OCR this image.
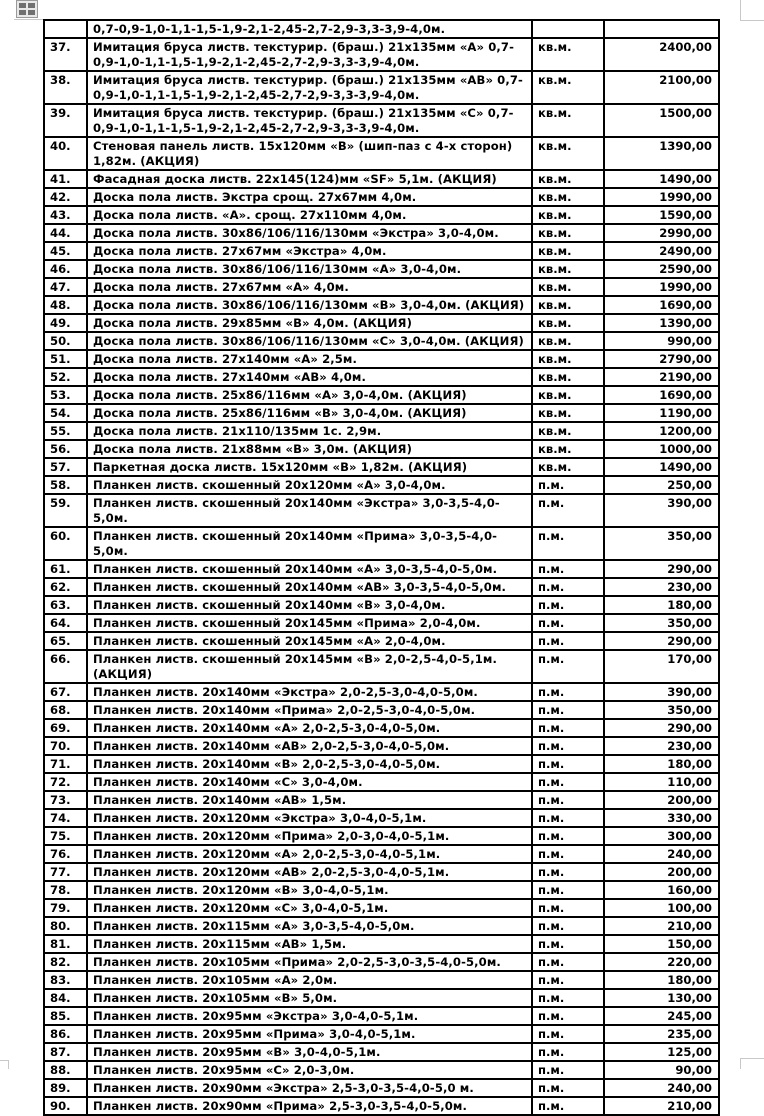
	0,7-0,9-1,0-1,1-1,5-1,9-2,1-2,45-2,7-2,9-3,3-3,9-4,0м.		
37.	Имитация бруса листв. текстурир. (браш.) 21х135мм «А» 0,7-0,9-1,0-1,1-1,5-1,9-2,1-2,45-2,7-2,9-3,3-3,9-4,0м.	кв.м.	2400,00
38.	Имитация бруса листв. текстурир. (браш.) 21х135мм «АВ» 0,7-0,9-1,0-1,1-1,5-1,9-2,1-2,45-2,7-2,9-3,3-3,9-4,0м.	кв.м.	2100,00
39.	Имитация бруса листв. текстурир. (браш.) 21х135мм «С» 0,7-0,9-1,0-1,1-1,5-1,9-2,1-2,45-2,7-2,9-3,3-3,9-4,0м.	кв.м.	1500,00
40.	Стеновая панель листв. 15х120мм «В» (шип-паз с 4-х сторон) 1,82м. (АКЦИЯ)	кв.м.	1390,00
41.	Фасадная доска листв. 22х145(124)мм «SF» 5,1м. (АКЦИЯ)	кв.м.	1490,00
42.	Доска пола листв. Экстра срощ. 27х67мм 4,0м.	кв.м.	1990,00
43.	Доска пола листв. «А». срощ. 27х110мм 4,0м.	кв.м.	1590,00
44.	Доска пола листв. 30х86/106/116/130мм «Экстра» 3,0-4,0м.	кв.м.	2990,00
45.	Доска пола листв. 27х67мм «Экстра» 4,0м.	кв.м.	2490,00
46.	Доска пола листв. 30х86/106/116/130мм «А» 3,0-4,0м.	кв.м.	2590,00
47.	Доска пола листв. 27х67мм «А» 4,0м.	кв.м.	1990,00
48.	Доска пола листв. 30х86/106/116/130мм «В» 3,0-4,0м. (АКЦИЯ)	кв.м.	1690,00
49.	Доска пола листв. 29х85мм «В» 4,0м. (АКЦИЯ)	кв.м.	1390,00
50.	Доска пола листв. 30х86/106/116/130мм «С» 3,0-4,0м. (АКЦИЯ)	кв.м.	990,00
51.	Доска пола листв. 27х140мм «А» 2,5м.	кв.м.	2790,00
52.	Доска пола листв. 27х140мм «АВ» 4,0м.	кв.м.	2190,00
53.	Доска пола листв. 25х86/116мм «А» 3,0-4,0м. (АКЦИЯ)	кв.м.	1690,00
54.	Доска пола листв. 25х86/116мм «В» 3,0-4,0м. (АКЦИЯ)	кв.м.	1190,00
55.	Доска пола листв. 21х110/135мм 1с. 2,9м.	кв.м.	1200,00
56.	Доска пола листв. 21х88мм «В» 3,0м. (АКЦИЯ)	кв.м.	1000,00
57.	Паркетная доска листв. 15х120мм «В» 1,82м. (АКЦИЯ)	кв.м.	1490,00
58.	Планкен листв. скошенный 20х120мм «А» 3,0-4,0м.	п.м.	250,00
59.	Планкен листв. скошенный 20х140мм «Экстра» 3,0-3,5-4,0-5,0м.	п.м.	390,00
60.	Планкен листв. скошенный 20х140мм «Прима» 3,0-3,5-4,0-5,0м.	п.м.	350,00
61.	Планкен листв. скошенный 20х140мм «А» 3,0-3,5-4,0-5,0м.	п.м.	290,00
62.	Планкен листв. скошенный 20х140мм «АВ» 3,0-3,5-4,0-5,0м.	п.м.	230,00
63.	Планкен листв. скошенный 20х140мм «В» 3,0-4,0м.	п.м.	180,00
64.	Планкен листв. скошенный 20х145мм «Прима» 2,0-4,0м.	п.м.	350,00
65.	Планкен листв. скошенный 20х145мм «А» 2,0-4,0м.	п.м.	290,00
66.	Планкен листв. скошенный 20х145мм «В» 2,0-2,5-4,0-5,1м. (АКЦИЯ)	п.м.	170,00
67.	Планкен листв. 20х140мм «Экстра» 2,0-2,5-3,0-4,0-5,0м.	п.м.	390,00
68.	Планкен листв. 20х140мм «Прима» 2,0-2,5-3,0-4,0-5,0м.	п.м.	350,00
69.	Планкен листв. 20х140мм «А» 2,0-2,5-3,0-4,0-5,0м.	п.м.	290,00
70.	Планкен листв. 20х140мм «АВ» 2,0-2,5-3,0-4,0-5,0м.	п.м.	230,00
71.	Планкен листв. 20х140мм «В» 2,0-2,5-3,0-4,0-5,0м.	п.м.	180,00
72.	Планкен листв. 20х140мм «С» 3,0-4,0м.	п.м.	110,00
73.	Планкен листв. 20х140мм «АВ» 1,5м.	п.м.	200,00
74.	Планкен листв. 20х120мм «Экстра» 3,0-4,0-5,1м.	п.м.	330,00
75.	Планкен листв. 20х120мм «Прима» 2,0-3,0-4,0-5,1м.	п.м.	300,00
76.	Планкен листв. 20х120мм «А» 2,0-2,5-3,0-4,0-5,1м.	п.м.	240,00
77.	Планкен листв. 20х120мм «АВ» 2,0-2,5-3,0-4,0-5,1м.	п.м.	200,00
78.	Планкен листв. 20х120мм «В» 3,0-4,0-5,1м.	п.м.	160,00
79.	Планкен листв. 20х120мм «С» 3,0-4,0-5,1м.	п.м.	100,00
80.	Планкен листв. 20х115мм «А» 3,0-3,5-4,0-5,0м.	п.м.	210,00
81.	Планкен листв. 20х115мм «АВ» 1,5м.	п.м.	150,00
82.	Планкен листв. 20х105мм «Прима» 2,0-2,5-3,0-3,5-4,0-5,0м.	п.м.	220,00
83.	Планкен листв. 20х105мм «А» 2,0м.	п.м.	180,00
84.	Планкен листв. 20х105мм «В» 5,0м.	п.м.	130,00
85.	Планкен листв. 20х95мм «Экстра» 3,0-4,0-5,1м.	п.м.	245,00
86.	Планкен листв. 20х95мм «Прима» 3,0-4,0-5,1м.	п.м.	235,00
87.	Планкен листв. 20х95мм «В» 3,0-4,0-5,1м.	п.м.	125,00
88.	Планкен листв. 20х95мм «С» 2,0-3,0м.	п.м.	90,00
89.	Планкен листв. 20х90мм «Экстра» 2,5-3,0-3,5-4,0-5,0 м.	п.м.	240,00
90.	Планкен листв. 20х90мм «Прима» 2,5-3,0-3,5-4,0-5,0м.	п.м.	210,00
